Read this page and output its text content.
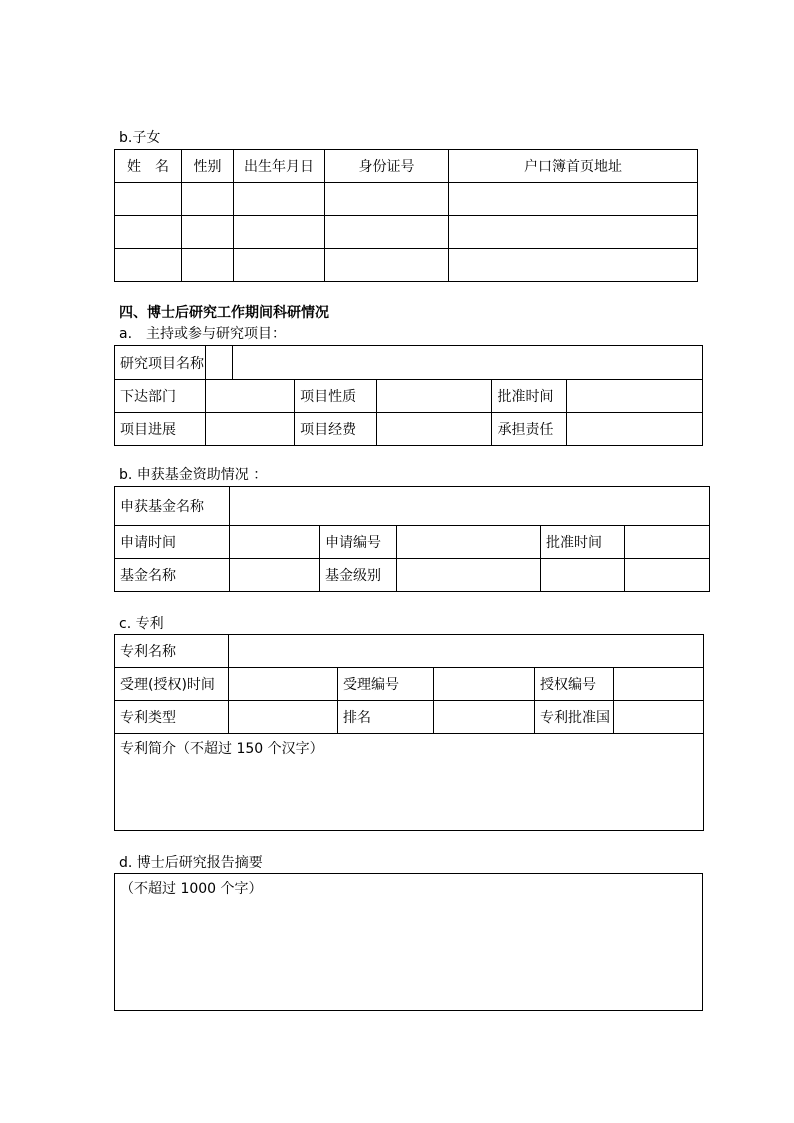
b.子女
姓　名	性别	出生年月日	身份证号	户口簿首页地址

四、博士后研究工作期间科研情况
a.　主持或参与研究项目：
研究项目名称					

下达部门		项目性质		批准时间	
项目进展		项目经费		承担责任	
b. 申获基金资助情况 ：
申获基金名称					
申请时间		申请编号		批准时间	
基金名称		基金级别			
c. 专利
专利名称					
受理(授权)时间		受理编号		授权编号	
专利类型		排名		专利批准国	
专利简介（不超过 150 个汉字）					
d. 博士后研究报告摘要
（不超过 1000 个字）
